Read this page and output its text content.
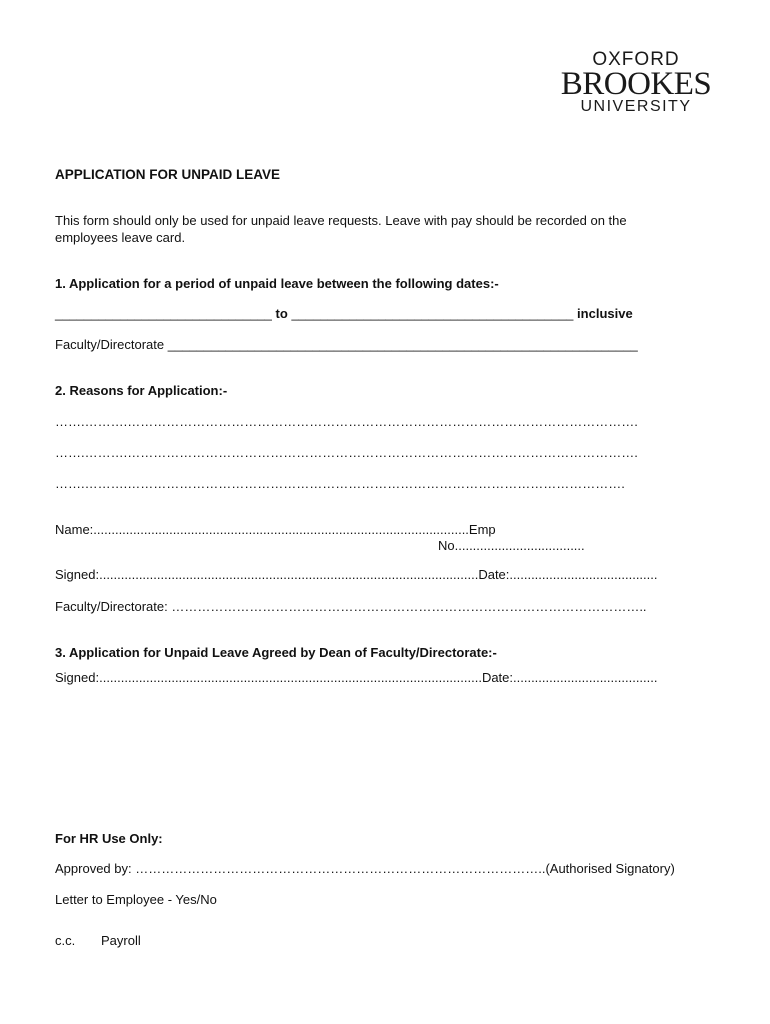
OXFORD
BROOKES
UNIVERSITY
APPLICATION FOR UNPAID LEAVE
This form should only be used for unpaid leave requests. Leave with pay should be recorded on the
employees leave card.
1. Application for a period of unpaid leave between the following dates:-
______________________________ to _______________________________________ inclusive
Faculty/Directorate _________________________________________________________________
2. Reasons for Application:-
…….……….……………………………………………………………………………………………………….
…….……….……………………………………………………………………………………………………….
…….……….…………………………………………………………………………………………………….
Name:........................................................................................................Emp
No....................................
Signed:.........................................................................................................Date:.........................................
Faculty/Directorate: ………………………………………………………………………………………………..
3. Application for Unpaid Leave Agreed by Dean of Faculty/Directorate:-
Signed:..........................................................................................................Date:........................................
For HR Use Only:
Approved by: …………………………………………………………………………………..(Authorised Signatory)
Letter to Employee - Yes/No
c.c. Payroll
